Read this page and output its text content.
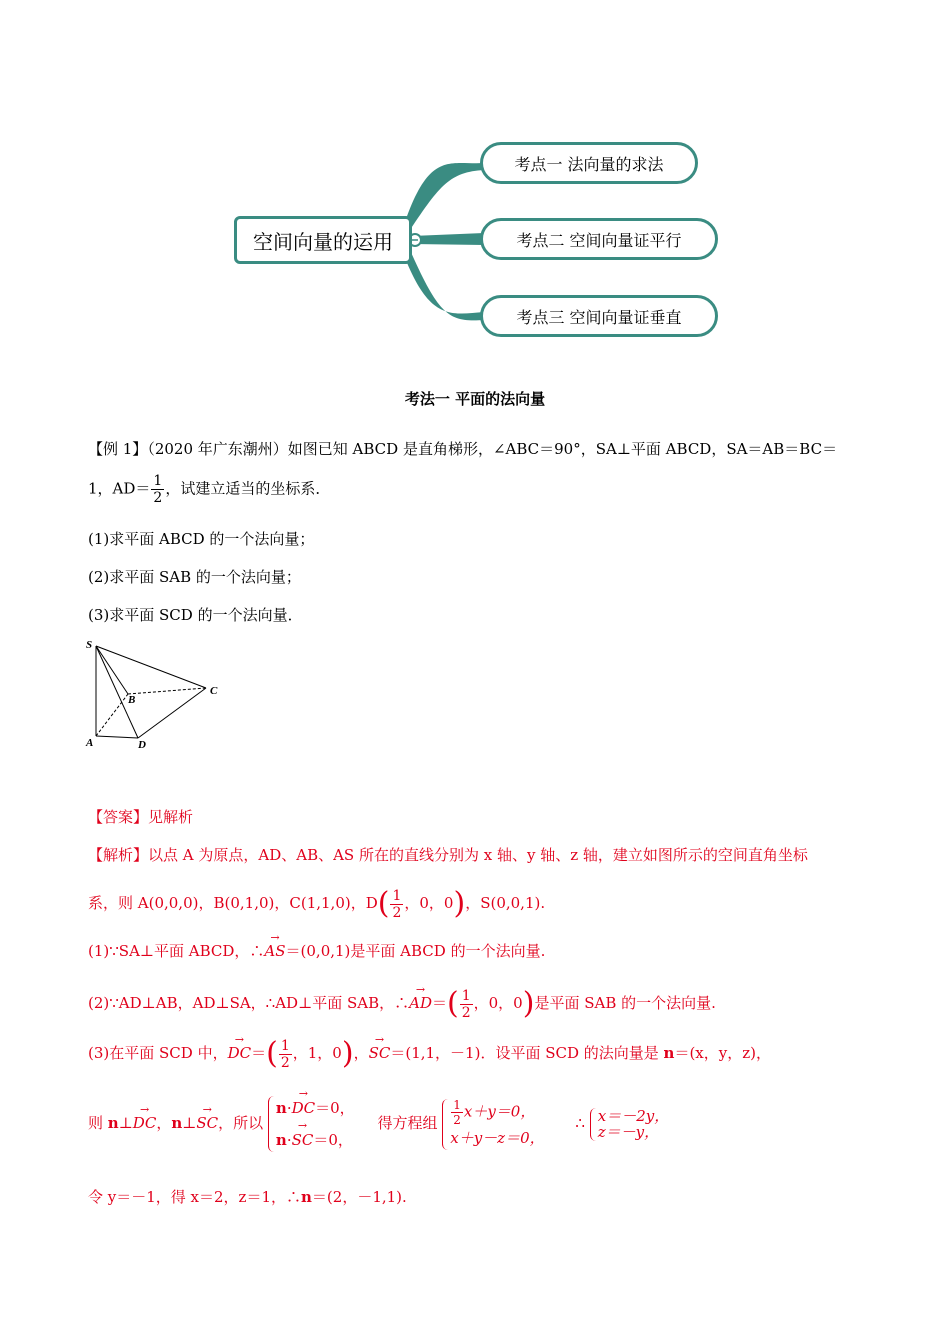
空间向量的运用
考点一 法向量的求法
考点二 空间向量证平行
考点三 空间向量证垂直
考法一 平面的法向量
【例 1】（2020 年广东潮州）如图已知 ABCD 是直角梯形，∠ABC＝90°，SA⊥平面 ABCD，SA＝AB＝BC＝
1，$AD= \frac{1}{2}$ ，试建立适当的坐标系．
(1)求平面 ABCD 的一个法向量；
(2)求平面 SAB 的一个法向量；
(3)求平面 SCD 的一个法向量．
S
B
C
A	D
【答案】见解析
【解析】以点 A 为原点，AD、AB、AS 所在的直线分别为 x 轴、y 轴、z 轴，建立如图所示的空间直角坐标
系，则 A(0,0,0)，B(0,1,0)，C(1,1,0)，$D( \frac{1}{2}$ ，0，0)，S(0,0,1).
(1)∵SA⊥平面 ABCD，∴→ AS＝(0,0,1)是平面 ABCD 的一个法向量.
(2)∵AD⊥AB，AD⊥SA，∴AD⊥平面 SAB，∴→ $AD=( \frac{1}{2}$ ，0，0)是平面 SAB 的一个法向量.
(3)在平面 SCD 中，→ $DC=( \frac{1}{2}$ ，1，0)，→ SC＝(1,1，－1)．设平面 SCD 的法向量是 n＝(x，y，z)，
则 n⊥→ DC，n⊥→ SC，所以
n·→ DC＝0，
n·→ SC＝0，
得方程组 $\frac{1}{2} x+y=0$，
x＋y－z＝0，
∴ x＝－2y，
z＝－y，
令 y＝－1，得 x＝2，z＝1，∴n＝(2，－1,1).
